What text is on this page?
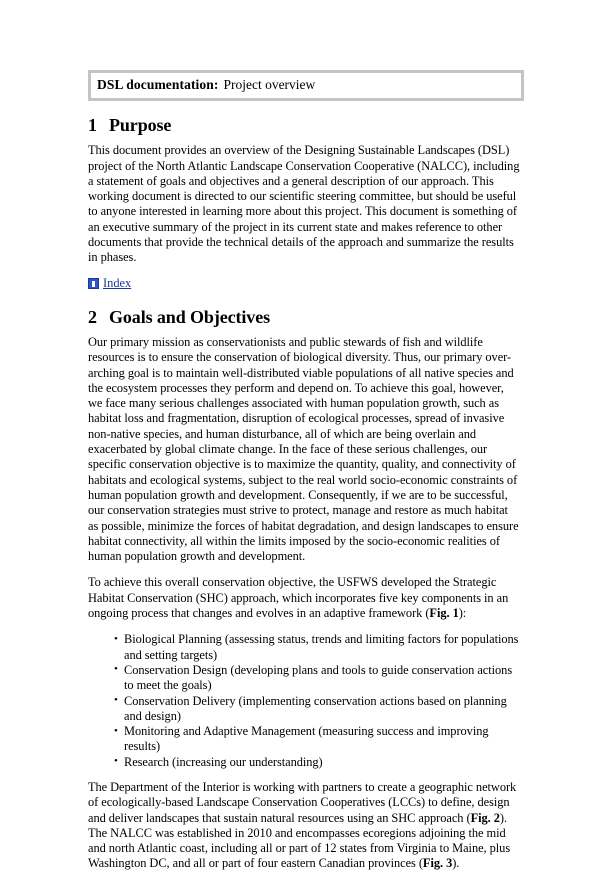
DSL documentation: Project overview
1 Purpose

This document provides an overview of the Designing Sustainable Landscapes (DSL) project of the North Atlantic Landscape Conservation Cooperative (NALCC), including a statement of goals and objectives and a general description of our approach. This working document is directed to our scientific steering committee, but should be useful to anyone interested in learning more about this project. This document is something of an executive summary of the project in its current state and makes reference to other documents that provide the technical details of the approach and summarize the results in phases.

Index
2 Goals and Objectives

Our primary mission as conservationists and public stewards of fish and wildlife resources is to ensure the conservation of biological diversity. Thus, our primary over-arching goal is to maintain well-distributed viable populations of all native species and the ecosystem processes they perform and depend on. To achieve this goal, however, we face many serious challenges associated with human population growth, such as habitat loss and fragmentation, disruption of ecological processes, spread of invasive non-native species, and human disturbance, all of which are being overlain and exacerbated by global climate change. In the face of these serious challenges, our specific conservation objective is to maximize the quantity, quality, and connectivity of habitats and ecological systems, subject to the real world socio-economic constraints of human population growth and development. Consequently, if we are to be successful, our conservation strategies must strive to protect, manage and restore as much habitat as possible, minimize the forces of habitat degradation, and design landscapes to ensure habitat connectivity, all within the limits imposed by the socio-economic realities of human population growth and development.

To achieve this overall conservation objective, the USFWS developed the Strategic Habitat Conservation (SHC) approach, which incorporates five key components in an ongoing process that changes and evolves in an adaptive framework (Fig. 1):

• Biological Planning (assessing status, trends and limiting factors for populations and setting targets)
• Conservation Design (developing plans and tools to guide conservation actions to meet the goals)
• Conservation Delivery (implementing conservation actions based on planning and design)
• Monitoring and Adaptive Management (measuring success and improving results)
• Research (increasing our understanding)

The Department of the Interior is working with partners to create a geographic network of ecologically-based Landscape Conservation Cooperatives (LCCs) to define, design and deliver landscapes that sustain natural resources using an SHC approach (Fig. 2). The NALCC was established in 2010 and encompasses ecoregions adjoining the mid and north Atlantic coast, including all or part of 12 states from Virginia to Maine, plus Washington DC, and all or part of four eastern Canadian provinces (Fig. 3).
